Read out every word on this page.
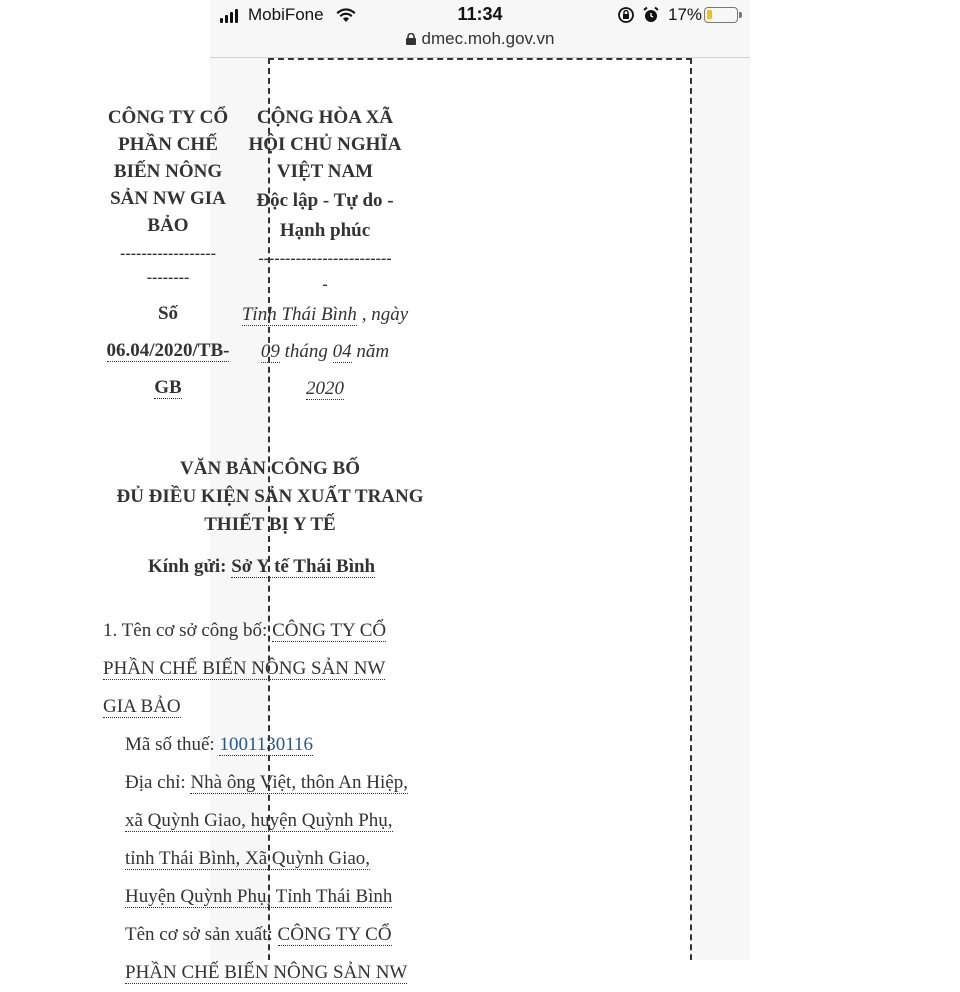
MobiFone	11:34	17%
dmec.moh.gov.vn
CÔNG TY CỔ
PHẦN CHẾ
BIẾN NÔNG
SẢN NW GIA
BẢO
------------------
--------
Số
06.04/2020/TB-
GB
CỘNG HÒA XÃ
HỘI CHỦ NGHĨA
VIỆT NAM
Độc lập - Tự do -
Hạnh phúc
-------------------------
-
Tỉnh Thái Bình , ngày
09 tháng 04 năm
2020
VĂN BẢN CÔNG BỐ
ĐỦ ĐIỀU KIỆN SẢN XUẤT TRANG
THIẾT BỊ Y TẾ
Kính gửi: Sở Y tế Thái Bình
1. Tên cơ sở công bố: CÔNG TY CỔ
PHẦN CHẾ BIẾN NÔNG SẢN NW
GIA BẢO
Mã số thuế: 1001130116
Địa chỉ: Nhà ông Việt, thôn An Hiệp,
xã Quỳnh Giao, huyện Quỳnh Phụ,
tỉnh Thái Bình, Xã Quỳnh Giao,
Huyện Quỳnh Phụ, Tỉnh Thái Bình
Tên cơ sở sản xuất: CÔNG TY CỔ
PHẦN CHẾ BIẾN NÔNG SẢN NW
